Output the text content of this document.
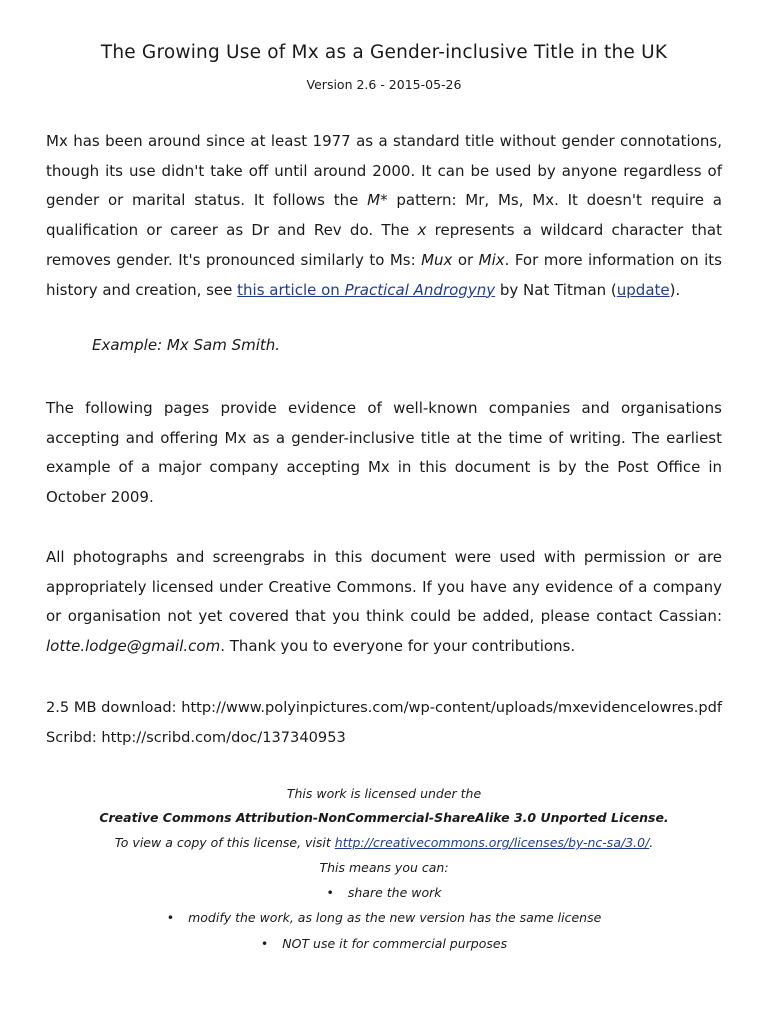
The Growing Use of Mx as a Gender-inclusive Title in the UK
Version 2.6 - 2015-05-26

Mx has been around since at least 1977 as a standard title without gender connotations, though its use didn't take off until around 2000. It can be used by anyone regardless of gender or marital status. It follows the M* pattern: Mr, Ms, Mx. It doesn't require a qualification or career as Dr and Rev do. The x represents a wildcard character that removes gender. It's pronounced similarly to Ms: Mux or Mix. For more information on its history and creation, see this article on Practical Androgyny by Nat Titman (update).

Example: Mx Sam Smith.

The following pages provide evidence of well-known companies and organisations accepting and offering Mx as a gender-inclusive title at the time of writing. The earliest example of a major company accepting Mx in this document is by the Post Office in October 2009.

All photographs and screengrabs in this document were used with permission or are appropriately licensed under Creative Commons. If you have any evidence of a company or organisation not yet covered that you think could be added, please contact Cassian: lotte.lodge@gmail.com. Thank you to everyone for your contributions.

2.5 MB download: http://www.polyinpictures.com/wp-content/uploads/mxevidencelowres.pdf
Scribd: http://scribd.com/doc/137340953
This work is licensed under the
Creative Commons Attribution-NonCommercial-ShareAlike 3.0 Unported License.
To view a copy of this license, visit http://creativecommons.org/licenses/by-nc-sa/3.0/.
This means you can:
• share the work
• modify the work, as long as the new version has the same license
• NOT use it for commercial purposes
